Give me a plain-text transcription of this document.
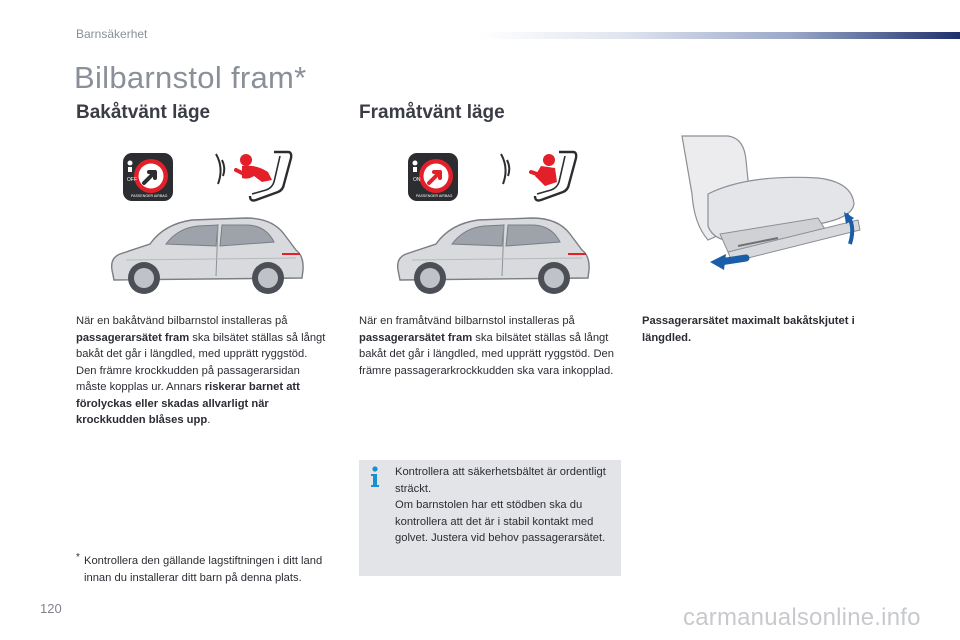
Barnsäkerhet
Bilbarnstol fram*
Bakåtvänt läge	Framåtvänt läge
OFF
PASSENGER AIRBAG
ON
PASSENGER AIRBAG
När en bakåtvänd bilbarnstol installeras på passagerarsätet fram ska bilsätet ställas så långt bakåt det går i längdled, med upprätt ryggstöd.
Den främre krockkudden på passagerarsidan måste kopplas ur. Annars riskerar barnet att förolyckas eller skadas allvarligt när krockkudden blåses upp.
När en framåtvänd bilbarnstol installeras på passagerarsätet fram ska bilsätet ställas så långt bakåt det går i längdled, med upprätt ryggstöd. Den främre passagerarkrockkudden ska vara inkopplad.
Passagerarsätet maximalt bakåtskjutet i längdled.
Kontrollera att säkerhetsbältet är ordentligt sträckt.
Om barnstolen har ett stödben ska du kontrollera att det är i stabil kontakt med golvet. Justera vid behov passagerarsätet.
* Kontrollera den gällande lagstiftningen i ditt land innan du installerar ditt barn på denna plats.
120	carmanualsonline.info
